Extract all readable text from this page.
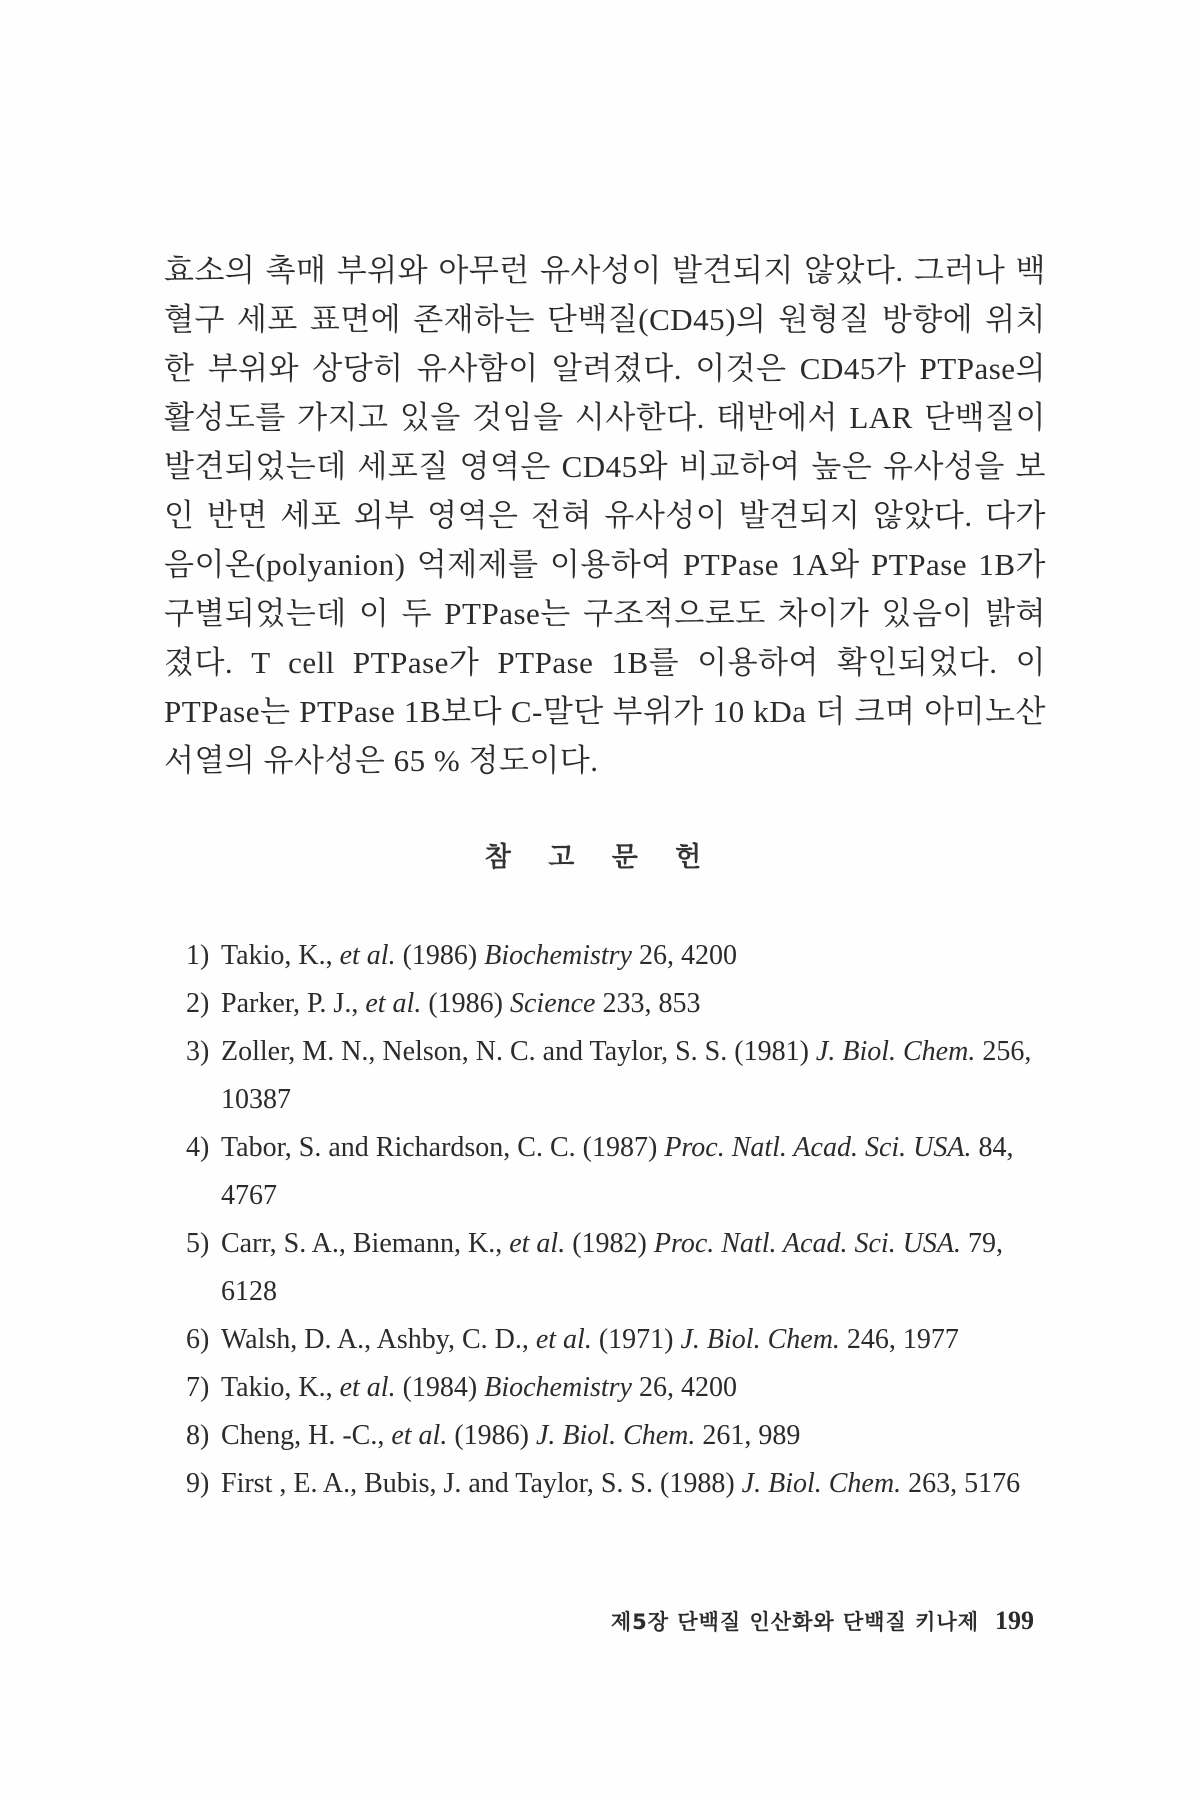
효소의 촉매 부위와 아무런 유사성이 발견되지 않았다. 그러나 백혈구 세포 표면에 존재하는 단백질(CD45)의 원형질 방향에 위치한 부위와 상당히 유사함이 알려졌다. 이것은 CD45가 PTPase의 활성도를 가지고 있을 것임을 시사한다. 태반에서 LAR 단백질이 발견되었는데 세포질 영역은 CD45와 비교하여 높은 유사성을 보인 반면 세포 외부 영역은 전혀 유사성이 발견되지 않았다. 다가 음이온(polyanion) 억제제를 이용하여 PTPase 1A와 PTPase 1B가 구별되었는데 이 두 PTPase는 구조적으로도 차이가 있음이 밝혀졌다. T cell PTPase가 PTPase 1B를 이용하여 확인되었다. 이 PTPase는 PTPase 1B보다 C-말단 부위가 10 kDa 더 크며 아미노산 서열의 유사성은 65 % 정도이다.

참 고 문 헌
1) Takio, K., et al. (1986) Biochemistry 26, 4200
2) Parker, P. J., et al. (1986) Science 233, 853
3) Zoller, M. N., Nelson, N. C. and Taylor, S. S. (1981) J. Biol. Chem. 256, 10387
4) Tabor, S. and Richardson, C. C. (1987) Proc. Natl. Acad. Sci. USA. 84, 4767
5) Carr, S. A., Biemann, K., et al. (1982) Proc. Natl. Acad. Sci. USA. 79, 6128
6) Walsh, D. A., Ashby, C. D., et al. (1971) J. Biol. Chem. 246, 1977
7) Takio, K., et al. (1984) Biochemistry 26, 4200
8) Cheng, H. -C., et al. (1986) J. Biol. Chem. 261, 989
9) First , E. A., Bubis, J. and Taylor, S. S. (1988) J. Biol. Chem. 263, 5176
제5장 단백질 인산화와 단백질 키나제 199
